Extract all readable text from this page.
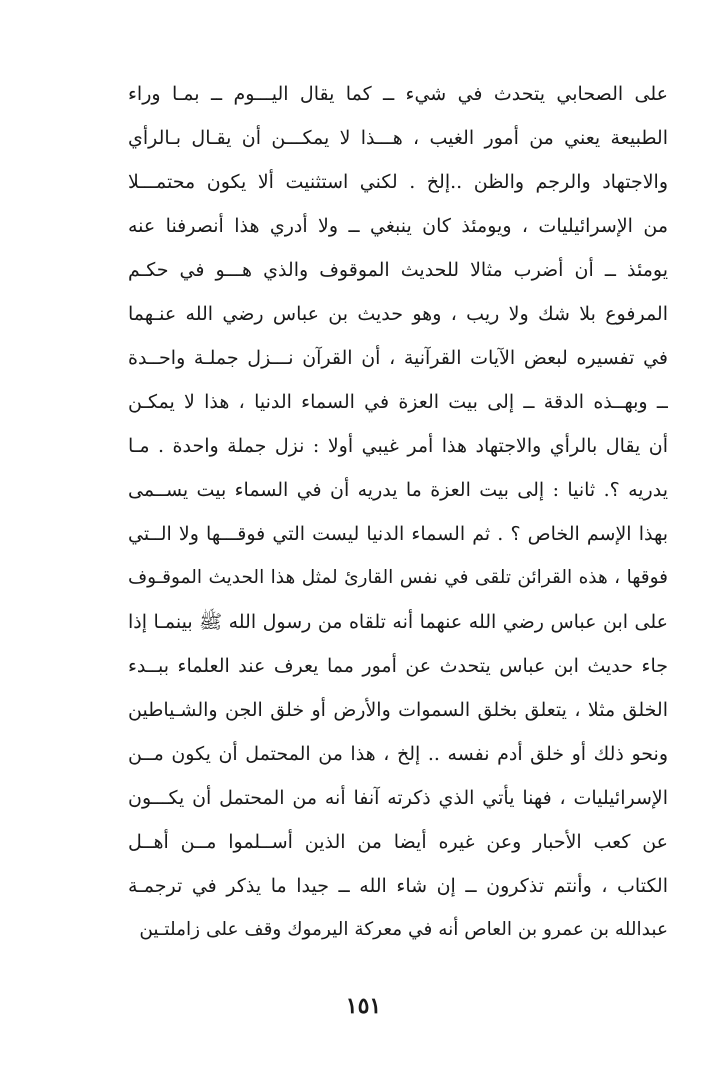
على الصحابي يتحدث في شيء ــ كما يقال اليـــوم ــ بمـا وراء
الطبيعة يعني من أمور الغيب ، هـــذا لا يمكـــن أن يقـال بـالرأي
والاجتهاد والرجم والظن ..إلخ . لكني استثنيت ألا يكون محتمـــلا
من الإسرائيليات ، ويومئذ كان ينبغي ــ ولا أدري هذا أنصرفنا عنه
يومئذ ــ أن أضرب مثالا للحديث الموقوف والذي هـــو في حكـم
المرفوع بلا شك ولا ريب ، وهو حديث بن عباس رضي الله عنـهما
في تفسيره لبعض الآيات القرآنية ، أن القرآن نـــزل جملـة واحــدة
ــ وبهــذه الدقة ــ إلى بيت العزة في السماء الدنيا ، هذا لا يمكـن
أن يقال بالرأي والاجتهاد هذا أمر غيبي أولا : نزل جملة واحدة . مـا
يدريه ؟. ثانيا : إلى بيت العزة ما يدريه أن في السماء بيت يســمى
بهذا الإسم الخاص ؟ . ثم السماء الدنيا ليست التي فوقـــها ولا الــتي
فوقها ، هذه القرائن تلقى في نفس القارئ لمثل هذا الحديث الموقـوف
على ابن عباس رضي الله عنهما أنه تلقاه من رسول الله ﷺ بينمـا إذا
جاء حديث ابن عباس يتحدث عن أمور مما يعرف عند العلماء ببــدء
الخلق مثلا ، يتعلق بخلق السموات والأرض أو خلق الجن والشـياطين
ونحو ذلك أو خلق أدم نفسه .. إلخ ، هذا من المحتمل أن يكون مــن
الإسرائيليات ، فهنا يأتي الذي ذكرته آنفا أنه من المحتمل أن يكـــون
عن كعب الأحبار وعن غيره أيضا من الذين أســلموا مــن أهــل
الكتاب ، وأنتم تذكرون ــ إن شاء الله ــ جيدا ما يذكر في ترجمـة
عبدالله بن عمرو بن العاص أنه في معركة اليرموك وقف على زاملتـين
١٥١
